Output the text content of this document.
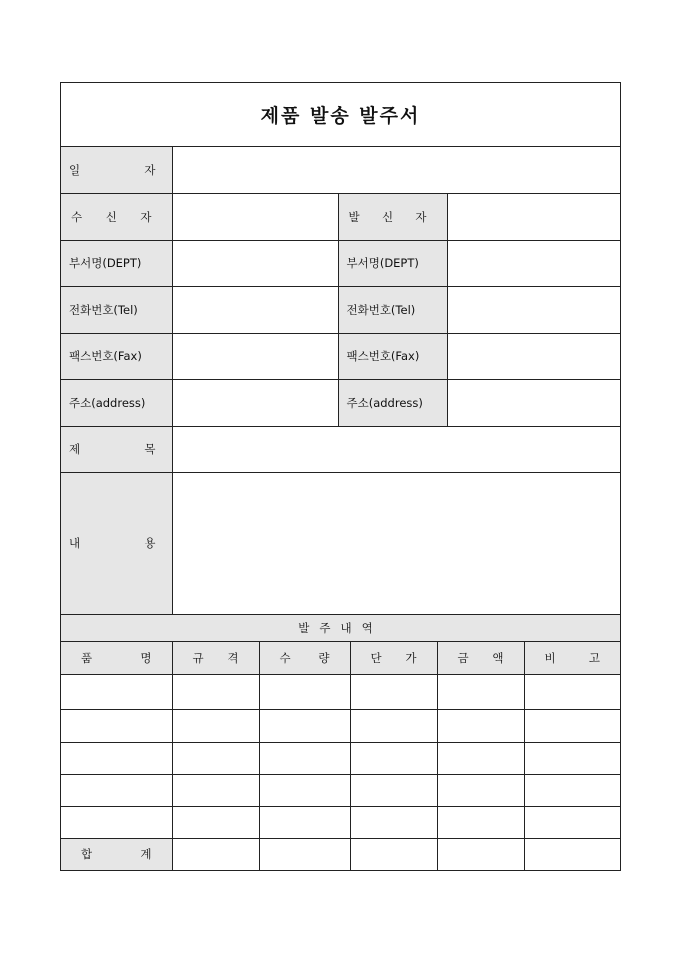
제품 발송 발주서
일 자			

수 신 자		발 신 자	

부서명(DEPT)		부서명(DEPT)	
전화번호(Tel)		전화번호(Tel)	
팩스번호(Fax)		팩스번호(Fax)	
주소(address)		주소(address)	

제 목			

내 용			

발주내역					

품 명	규 격	수 량	단 가	금 액	비 고

합 계					
